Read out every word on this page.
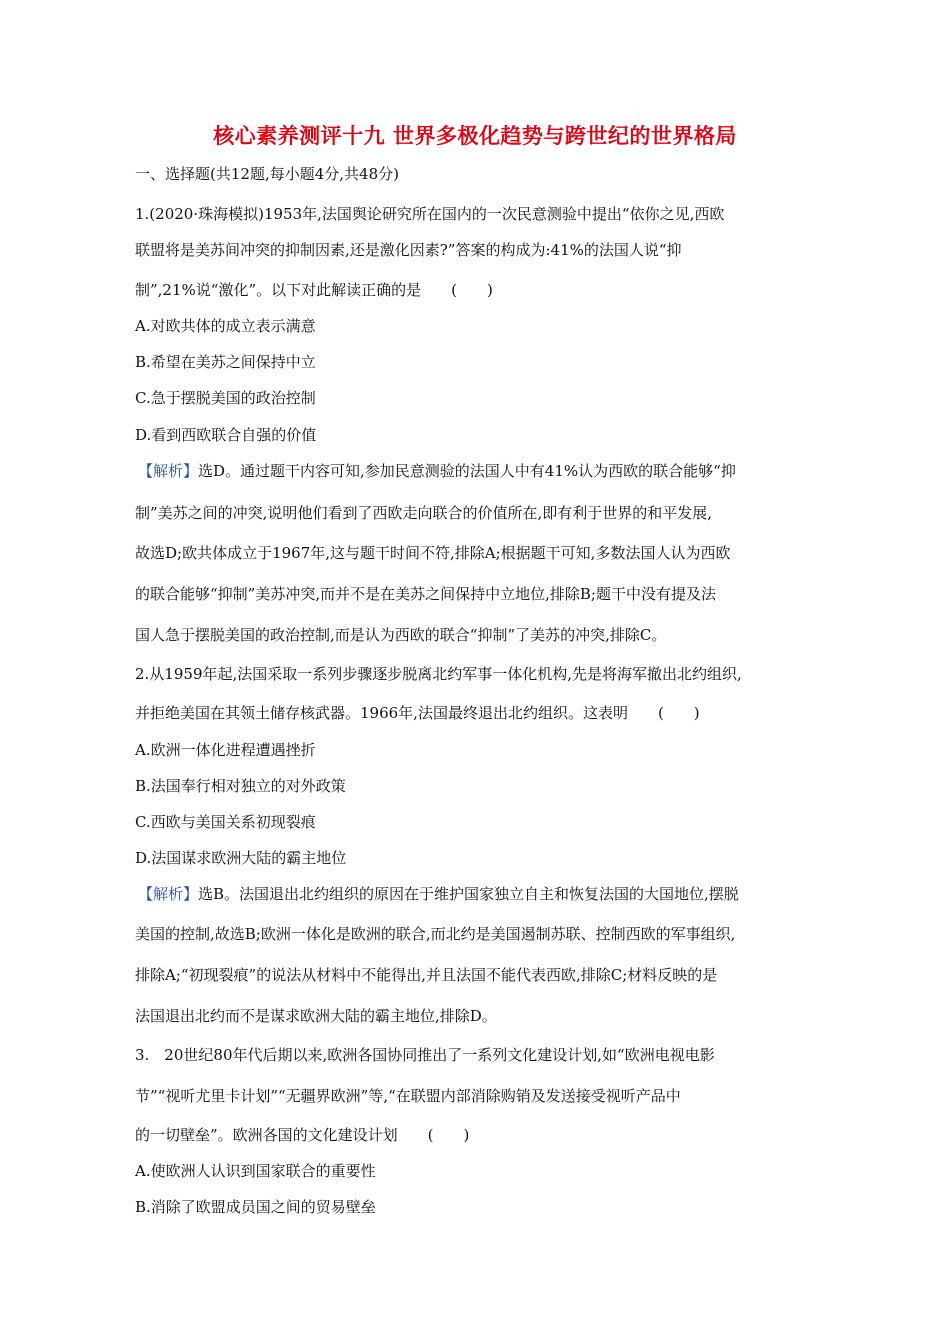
核心素养测评十九 世界多极化趋势与跨世纪的世界格局
一、选择题(共12题,每小题4分,共48分)
1.(2020·珠海模拟)1953年,法国舆论研究所在国内的一次民意测验中提出“依你之见,西欧
联盟将是美苏间冲突的抑制因素,还是激化因素?”答案的构成为:41%的法国人说“抑
制”,21%说“激化”。以下对此解读正确的是　　(　　)
A.对欧共体的成立表示满意
B.希望在美苏之间保持中立
C.急于摆脱美国的政治控制
D.看到西欧联合自强的价值
【解析】选D。通过题干内容可知,参加民意测验的法国人中有41%认为西欧的联合能够“抑
制”美苏之间的冲突,说明他们看到了西欧走向联合的价值所在,即有利于世界的和平发展,
故选D;欧共体成立于1967年,这与题干时间不符,排除A;根据题干可知,多数法国人认为西欧
的联合能够“抑制”美苏冲突,而并不是在美苏之间保持中立地位,排除B;题干中没有提及法
国人急于摆脱美国的政治控制,而是认为西欧的联合“抑制”了美苏的冲突,排除C。
2.从1959年起,法国采取一系列步骤逐步脱离北约军事一体化机构,先是将海军撤出北约组织,
并拒绝美国在其领土储存核武器。1966年,法国最终退出北约组织。这表明　　(　　)
A.欧洲一体化进程遭遇挫折
B.法国奉行相对独立的对外政策
C.西欧与美国关系初现裂痕
D.法国谋求欧洲大陆的霸主地位
【解析】选B。法国退出北约组织的原因在于维护国家独立自主和恢复法国的大国地位,摆脱
美国的控制,故选B;欧洲一体化是欧洲的联合,而北约是美国遏制苏联、控制西欧的军事组织,
排除A;“初现裂痕”的说法从材料中不能得出,并且法国不能代表西欧,排除C;材料反映的是
法国退出北约而不是谋求欧洲大陆的霸主地位,排除D。
3.　20世纪80年代后期以来,欧洲各国协同推出了一系列文化建设计划,如“欧洲电视电影
节”“视听尤里卡计划”“无疆界欧洲”等,“在联盟内部消除购销及发送接受视听产品中
的一切壁垒”。欧洲各国的文化建设计划　　(　　)
A.使欧洲人认识到国家联合的重要性
B.消除了欧盟成员国之间的贸易壁垒
